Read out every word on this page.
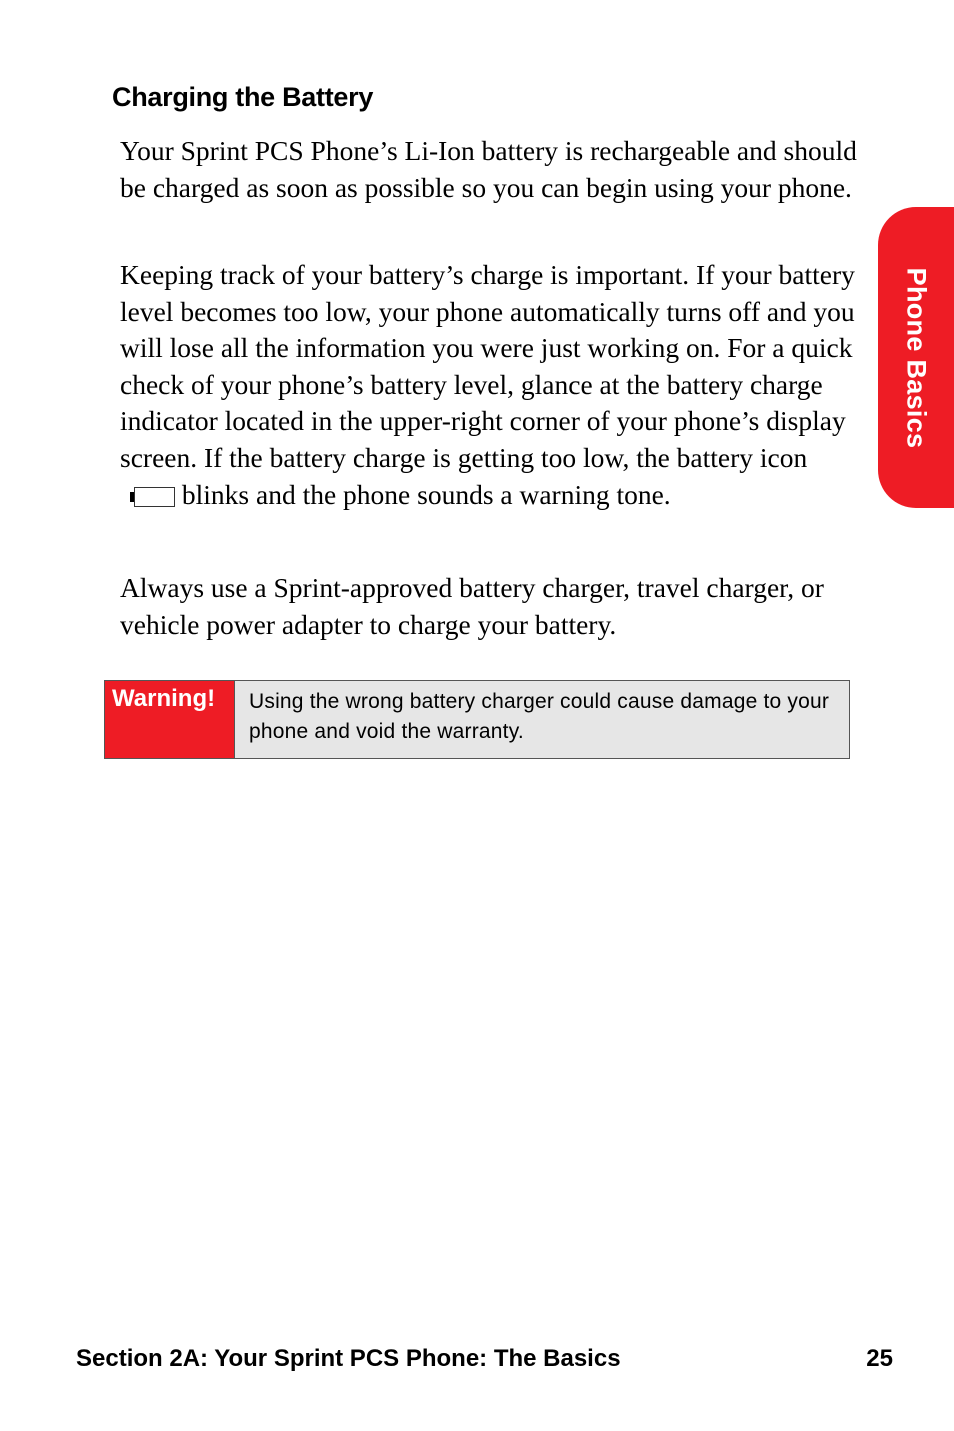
Charging the Battery

Your Sprint PCS Phone’s Li-Ion battery is rechargeable and should be charged as soon as possible so you can begin using your phone.

Keeping track of your battery’s charge is important. If your battery level becomes too low, your phone automatically turns off and you will lose all the information you were just working on. For a quick check of your phone’s battery level, glance at the battery charge indicator located in the upper-right corner of your phone’s display screen. If the battery charge is getting too low, the battery icon blinks and the phone sounds a warning tone.

Always use a Sprint-approved battery charger, travel charger, or vehicle power adapter to charge your battery.

Warning!	Using the wrong battery charger could cause damage to your phone and void the warranty.
Phone Basics
Section 2A: Your Sprint PCS Phone: The Basics	25
